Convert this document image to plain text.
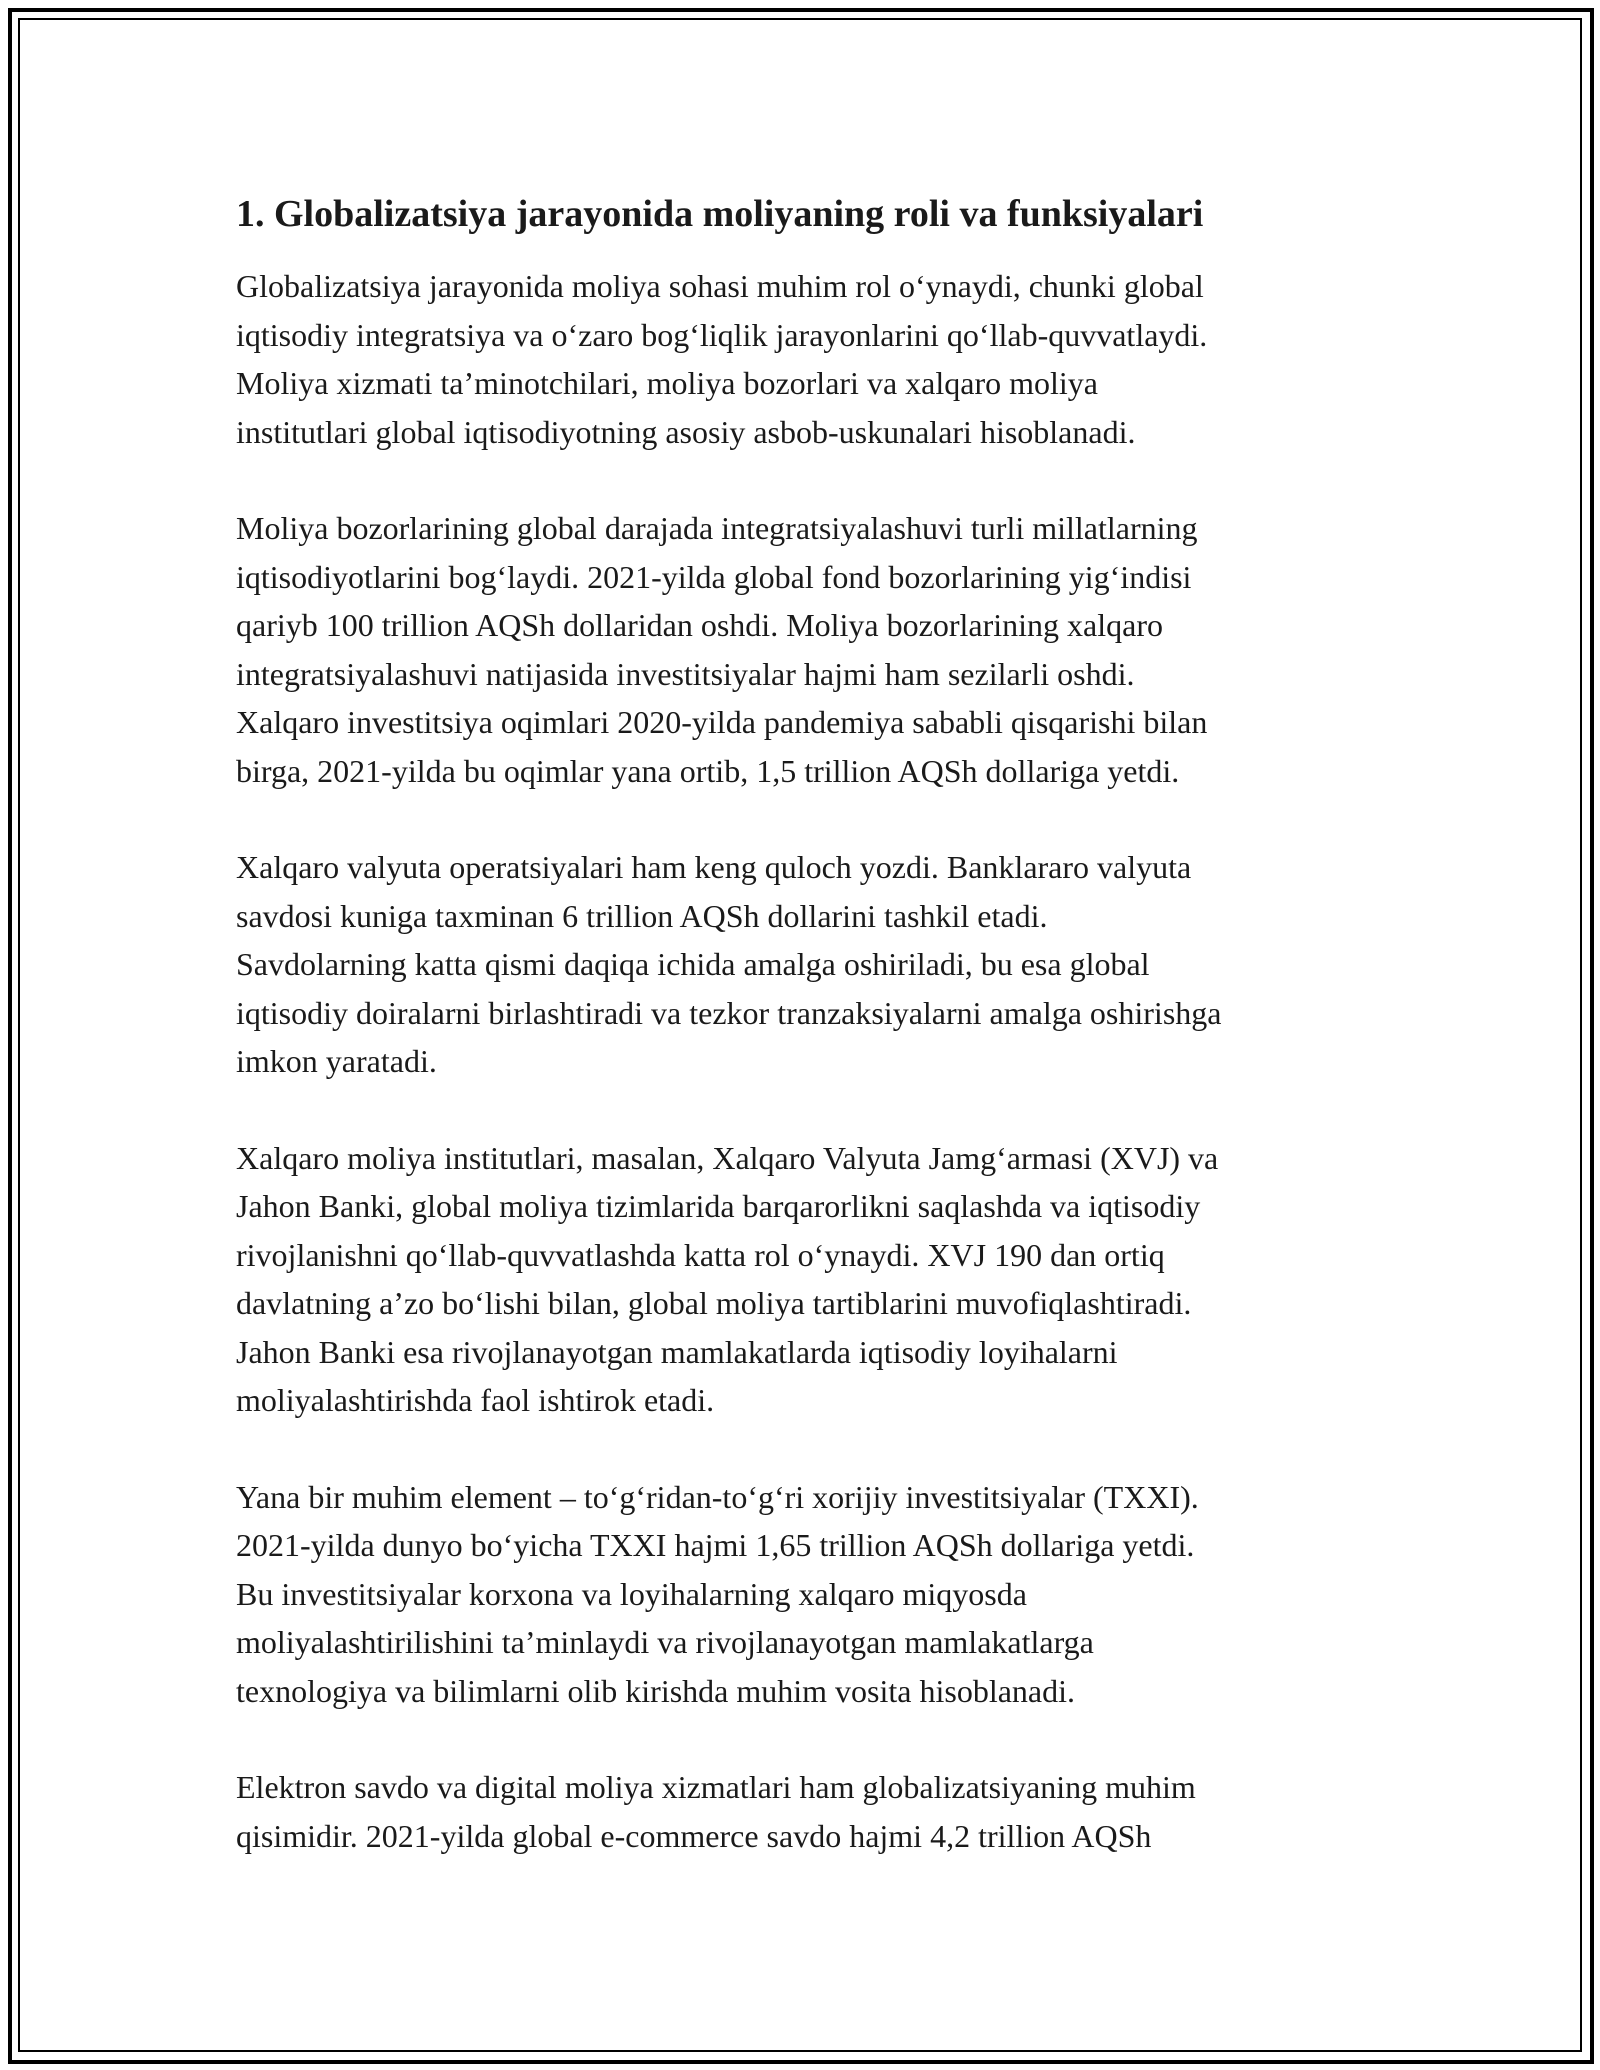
1. Globalizatsiya jarayonida moliyaning roli va funksiyalari

Globalizatsiya jarayonida moliya sohasi muhim rol o‘ynaydi, chunki global
iqtisodiy integratsiya va o‘zaro bog‘liqlik jarayonlarini qo‘llab-quvvatlaydi.
Moliya xizmati ta’minotchilari, moliya bozorlari va xalqaro moliya
institutlari global iqtisodiyotning asosiy asbob-uskunalari hisoblanadi.

Moliya bozorlarining global darajada integratsiyalashuvi turli millatlarning
iqtisodiyotlarini bog‘laydi. 2021-yilda global fond bozorlarining yig‘indisi
qariyb 100 trillion AQSh dollaridan oshdi. Moliya bozorlarining xalqaro
integratsiyalashuvi natijasida investitsiyalar hajmi ham sezilarli oshdi.
Xalqaro investitsiya oqimlari 2020-yilda pandemiya sababli qisqarishi bilan
birga, 2021-yilda bu oqimlar yana ortib, 1,5 trillion AQSh dollariga yetdi.

Xalqaro valyuta operatsiyalari ham keng quloch yozdi. Banklararo valyuta
savdosi kuniga taxminan 6 trillion AQSh dollarini tashkil etadi.
Savdolarning katta qismi daqiqa ichida amalga oshiriladi, bu esa global
iqtisodiy doiralarni birlashtiradi va tezkor tranzaksiyalarni amalga oshirishga
imkon yaratadi.

Xalqaro moliya institutlari, masalan, Xalqaro Valyuta Jamg‘armasi (XVJ) va
Jahon Banki, global moliya tizimlarida barqarorlikni saqlashda va iqtisodiy
rivojlanishni qo‘llab-quvvatlashda katta rol o‘ynaydi. XVJ 190 dan ortiq
davlatning a’zo bo‘lishi bilan, global moliya tartiblarini muvofiqlashtiradi.
Jahon Banki esa rivojlanayotgan mamlakatlarda iqtisodiy loyihalarni
moliyalashtirishda faol ishtirok etadi.

Yana bir muhim element – to‘g‘ridan-to‘g‘ri xorijiy investitsiyalar (TXXI).
2021-yilda dunyo bo‘yicha TXXI hajmi 1,65 trillion AQSh dollariga yetdi.
Bu investitsiyalar korxona va loyihalarning xalqaro miqyosda
moliyalashtirilishini ta’minlaydi va rivojlanayotgan mamlakatlarga
texnologiya va bilimlarni olib kirishda muhim vosita hisoblanadi.

Elektron savdo va digital moliya xizmatlari ham globalizatsiyaning muhim
qisimidir. 2021-yilda global e-commerce savdo hajmi 4,2 trillion AQSh
